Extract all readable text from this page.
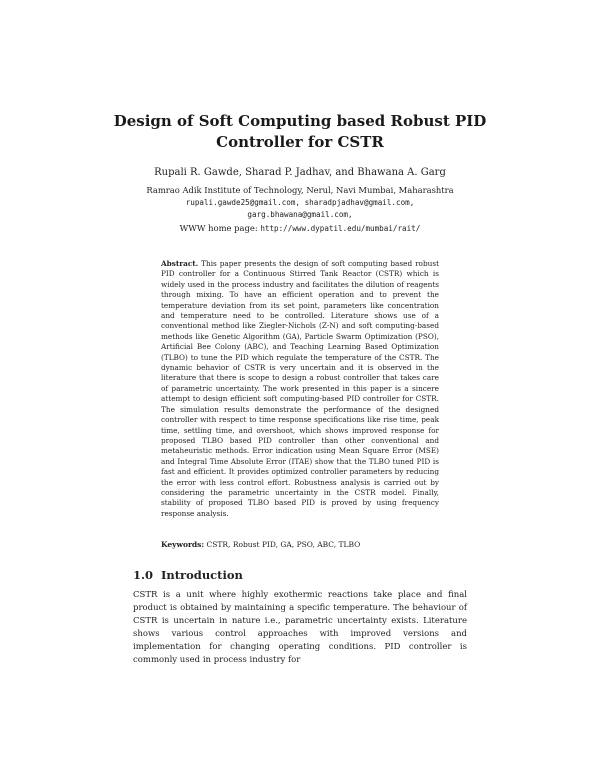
Design of Soft Computing based Robust PID
Controller for CSTR
Rupali R. Gawde, Sharad P. Jadhav, and Bhawana A. Garg
Ramrao Adik Institute of Technology, Nerul, Navi Mumbai, Maharashtra
rupali.gawde25@gmail.com, sharadpjadhav@gmail.com,
garg.bhawana@gmail.com,
WWW home page: http://www.dypatil.edu/mumbai/rait/
Abstract. This paper presents the design of soft computing based robust PID controller for a Continuous Stirred Tank Reactor (CSTR) which is widely used in the process industry and facilitates the dilution of reagents through mixing. To have an efficient operation and to prevent the temperature deviation from its set point, parameters like concentration and temperature need to be controlled. Literature shows use of a conventional method like Ziegler-Nichols (Z-N) and soft computing-based methods like Genetic Algorithm (GA), Particle Swarm Optimization (PSO), Artificial Bee Colony (ABC), and Teaching Learning Based Optimization (TLBO) to tune the PID which regulate the temperature of the CSTR. The dynamic behavior of CSTR is very uncertain and it is observed in the literature that there is scope to design a robust controller that takes care of parametric uncertainty. The work presented in this paper is a sincere attempt to design efficient soft computing-based PID controller for CSTR. The simulation results demonstrate the performance of the designed controller with respect to time response specifications like rise time, peak time, settling time, and overshoot, which shows improved response for proposed TLBO based PID controller than other conventional and metaheuristic methods. Error indication using Mean Square Error (MSE) and Integral Time Absolute Error (ITAE) show that the TLBO tuned PID is fast and efficient. It provides optimized controller parameters by reducing the error with less control effort. Robustness analysis is carried out by considering the parametric uncertainty in the CSTR model. Finally, stability of proposed TLBO based PID is proved by using frequency response analysis.
Keywords: CSTR, Robust PID, GA, PSO, ABC, TLBO
1.0 Introduction
CSTR is a unit where highly exothermic reactions take place and final product is obtained by maintaining a specific temperature. The behaviour of CSTR is uncertain in nature i.e., parametric uncertainty exists. Literature shows various control approaches with improved versions and implementation for changing operating conditions. PID controller is commonly used in process industry for
